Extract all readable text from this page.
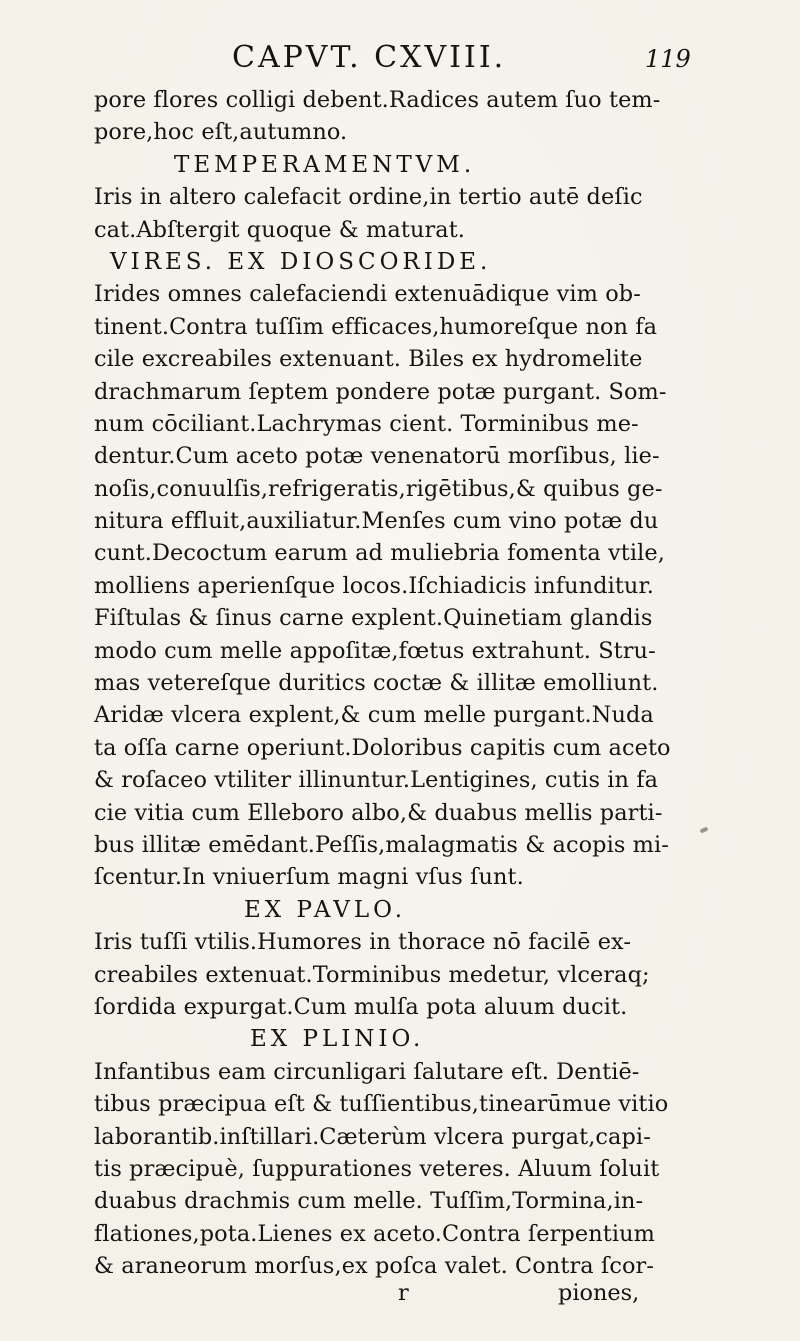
CAPVT. CXVIII.	119
pore flores colligi debent.Radices autem ſuo tem-
pore,hoc eſt,autumno.
TEMPERAMENTVM.
Iris in altero calefacit ordine,in tertio autē deſic
cat.Abſtergit quoque & maturat.
VIRES. EX DIOSCORIDE.
Irides omnes calefaciendi extenuādique vim ob-
tinent.Contra tuſſim efficaces,humoreſque non fa
cile excreabiles extenuant. Biles ex hydromelite
drachmarum ſeptem pondere potæ purgant. Som-
num cōciliant.Lachrymas cient. Torminibus me-
dentur.Cum aceto potæ venenatorū morſibus, lie-
noſis,conuulſis,refrigeratis,rigētibus,& quibus ge-
nitura effluit,auxiliatur.Menſes cum vino potæ du
cunt.Decoctum earum ad muliebria fomenta vtile,
molliens aperienſque locos.Iſchiadicis infunditur.
Fiſtulas & ſinus carne explent.Quinetiam glandis
modo cum melle appoſitæ,fœtus extrahunt. Stru-
mas vetereſque duritics coctæ & illitæ emolliunt.
Aridæ vlcera explent,& cum melle purgant.Nuda
ta oſſa carne operiunt.Doloribus capitis cum aceto
& roſaceo vtiliter illinuntur.Lentigines, cutis in fa
cie vitia cum Elleboro albo,& duabus mellis parti-
bus illitæ emēdant.Peſſis,malagmatis & acopis mi-
ſcentur.In vniuerſum magni vſus ſunt.
EX PAVLO.
Iris tuſſi vtilis.Humores in thorace nō facilē ex-
creabiles extenuat.Torminibus medetur, vlceraq;
ſordida expurgat.Cum mulſa pota aluum ducit.
EX PLINIO.
Infantibus eam circunligari ſalutare eſt. Dentiē-
tibus præcipua eſt & tuſſientibus,tinearūmue vitio
laborantib.inſtillari.Cæterùm vlcera purgat,capi-
tis præcipuè, ſuppurationes veteres. Aluum ſoluit
duabus drachmis cum melle. Tuſſim,Tormina,in-
flationes,pota.Lienes ex aceto.Contra ſerpentium
& araneorum morſus,ex poſca valet. Contra ſcor-
r	piones,
